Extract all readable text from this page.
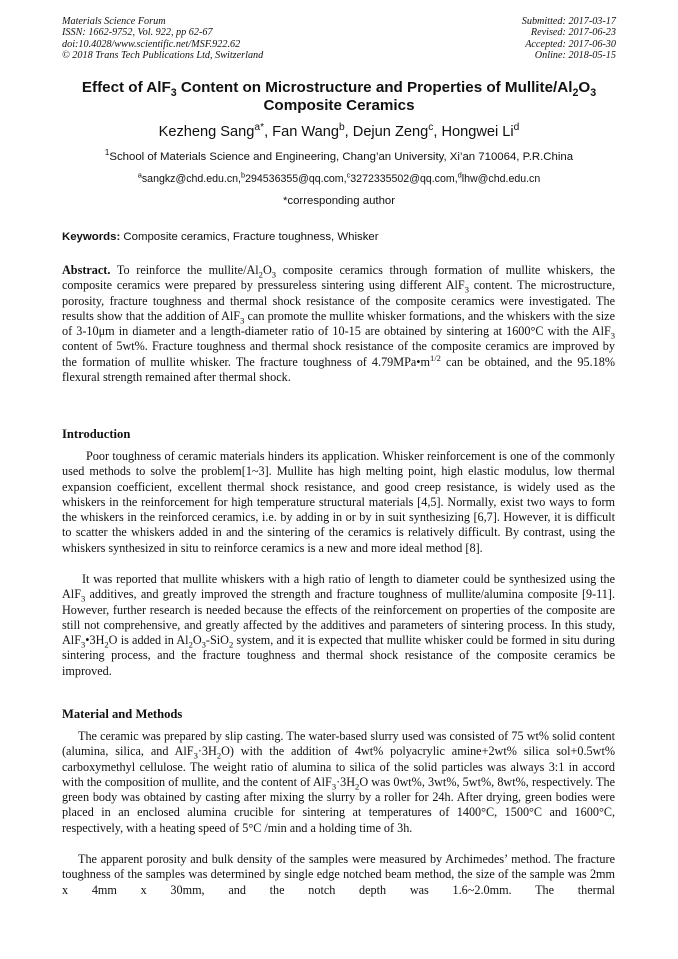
Materials Science Forum
ISSN: 1662-9752, Vol. 922, pp 62-67
doi:10.4028/www.scientific.net/MSF.922.62
© 2018 Trans Tech Publications Ltd, Switzerland
Submitted: 2017-03-17
Revised: 2017-06-23
Accepted: 2017-06-30
Online: 2018-05-15
Effect of AlF$_3$ Content on Microstructure and Properties of Mullite/$Al_2O_3$
Composite Ceramics
Kezheng Sang$^{a*}$, Fan Wang$^b$, Dejun Zeng$^c$, Hongwei Li$^d$
$^1$School of Materials Science and Engineering, Chang’an University, Xi’an 710064, P.R.China
$^a$sangkz@chd.edu.cn,$^b$294536355@qq.com,$^c$3272335502@qq.com,$^d$lhw@chd.edu.cn
*corresponding author
Keywords: Composite ceramics, Fracture toughness, Whisker
Abstract. To reinforce the mullite/$Al_2O_3$ composite ceramics through formation of mullite whiskers, the
composite ceramics were prepared by pressureless sintering using different AlF$_3$ content. The microstructure,
porosity, fracture toughness and thermal shock resistance of the composite ceramics were investigated. The
results show that the addition of AlF$_3$ can promote the mullite whisker formations, and the whiskers with the size
of 3-10μm in diameter and a length-diameter ratio of 10-15 are obtained by sintering at 1600°C with the AlF$_3$
content of 5wt%. Fracture toughness and thermal shock resistance of the composite ceramics are improved by
the formation of mullite whisker. The fracture toughness of $4.79MPa•m^{1/2}$ can be obtained, and the 95.18%
flexural strength remained after thermal shock.
Introduction
Poor toughness of ceramic materials hinders its application. Whisker reinforcement is one of the commonly
used methods to solve the problem[1~3]. Mullite has high melting point, high elastic modulus, low thermal
expansion coefficient, excellent thermal shock resistance, and good creep resistance, is widely used as the
whiskers in the reinforcement for high temperature structural materials [4,5]. Normally, exist two ways to form
the whiskers in the reinforced ceramics, i.e. by adding in or by in suit synthesizing [6,7]. However, it is difficult
to scatter the whiskers added in and the sintering of the ceramics is relatively difficult. By contrast, using the
whiskers synthesized in situ to reinforce ceramics is a new and more ideal method [8].
It was reported that mullite whiskers with a high ratio of length to diameter could be synthesized using the
AlF$_3$ additives, and greatly improved the strength and fracture toughness of mullite/alumina composite [9-11].
However, further research is needed because the effects of the reinforcement on properties of the composite are
still not comprehensive, and greatly affected by the additives and parameters of sintering process. In this study,
$AlF_3•3H_2O$ is added in $Al_2O_3-SiO_2$ system, and it is expected that mullite whisker could be formed in situ during
sintering process, and the fracture toughness and thermal shock resistance of the composite ceramics be
improved.
Material and Methods
The ceramic was prepared by slip casting. The water-based slurry used was consisted of 75 wt% solid content
(alumina, silica, and $AlF_3\cdot 3H_2O$) with the addition of 4wt% polyacrylic amine+2wt% silica sol+0.5wt%
carboxymethyl cellulose. The weight ratio of alumina to silica of the solid particles was always 3:1 in accord
with the composition of mullite, and the content of $AlF_3\cdot 3H_2O$ was 0wt%, 3wt%, 5wt%, 8wt%, respectively. The
green body was obtained by casting after mixing the slurry by a roller for 24h. After drying, green bodies were
placed in an enclosed alumina crucible for sintering at temperatures of 1400°C, 1500°C and 1600°C,
respectively, with a heating speed of 5°C /min and a holding time of 3h.
The apparent porosity and bulk density of the samples were measured by Archimedes’ method. The fracture
toughness of the samples was determined by single edge notched beam method, the size of the sample was 2mm
x 4mm x 30mm, and the notch depth was 1.6~2.0mm. The thermal
